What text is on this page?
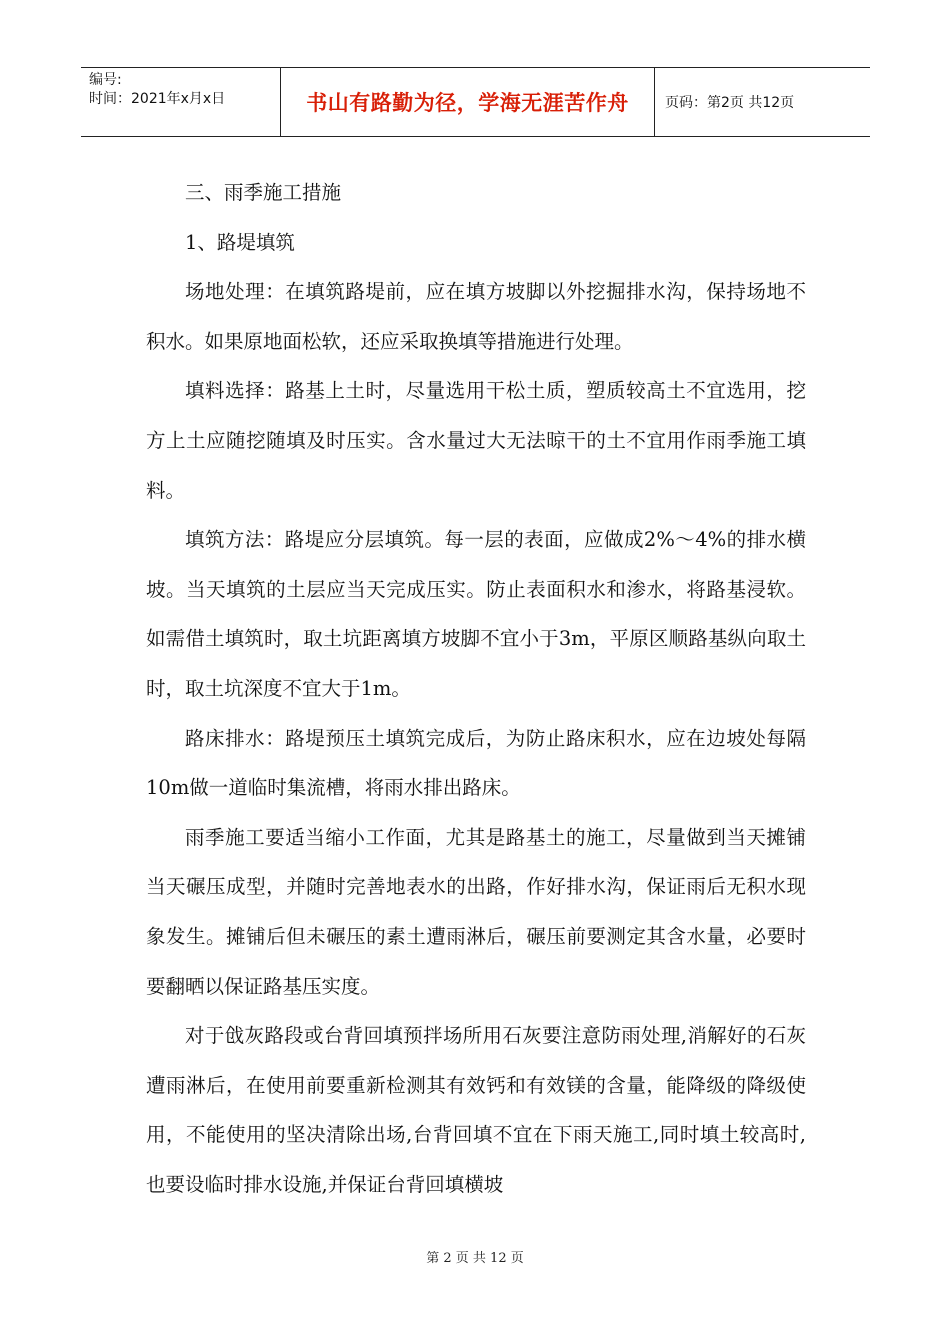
编号:
时间：2021年x月x日	书山有路勤为径，学海无涯苦作舟	页码：第2页 共12页

三、雨季施工措施

1、路堤填筑

场地处理：在填筑路堤前，应在填方坡脚以外挖掘排水沟，保持场地不积水。如果原地面松软，还应采取换填等措施进行处理。

填料选择：路基上土时，尽量选用干松土质，塑质较高土不宜选用，挖方上土应随挖随填及时压实。含水量过大无法晾干的土不宜用作雨季施工填料。

填筑方法：路堤应分层填筑。每一层的表面，应做成2%～4%的排水横坡。当天填筑的土层应当天完成压实。防止表面积水和渗水，将路基浸软。如需借土填筑时，取土坑距离填方坡脚不宜小于3m，平原区顺路基纵向取土时，取土坑深度不宜大于1m。

路床排水：路堤预压土填筑完成后，为防止路床积水，应在边坡处每隔10m做一道临时集流槽，将雨水排出路床。

雨季施工要适当缩小工作面，尤其是路基土的施工，尽量做到当天摊铺当天碾压成型，并随时完善地表水的出路，作好排水沟，保证雨后无积水现象发生。摊铺后但未碾压的素土遭雨淋后，碾压前要测定其含水量，必要时要翻晒以保证路基压实度。

对于戗灰路段或台背回填预拌场所用石灰要注意防雨处理,消解好的石灰遭雨淋后，在使用前要重新检测其有效钙和有效镁的含量，能降级的降级使用，不能使用的坚决清除出场,台背回填不宜在下雨天施工,同时填土较高时,也要设临时排水设施,并保证台背回填横坡

第 2 页 共 12 页
